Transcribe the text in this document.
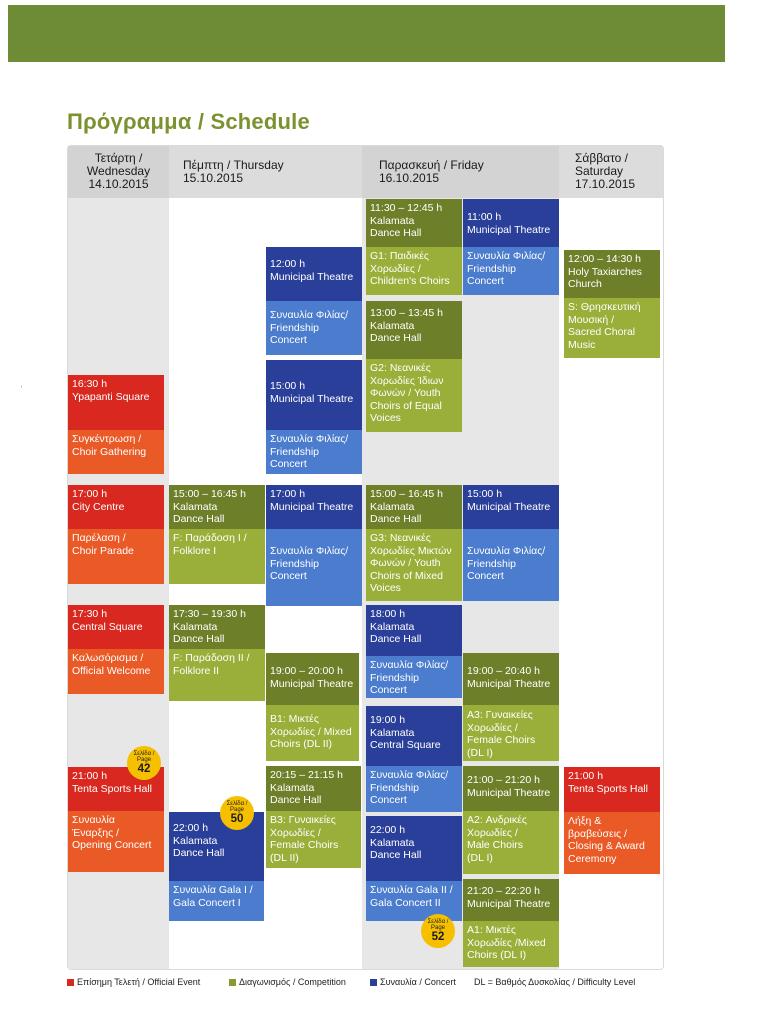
Πρόγραμμα / Schedule
˒
Τετάρτη /
Wednesday
14.10.2015
Πέμπτη / Thursday
15.10.2015
Παρασκευή / Friday
16.10.2015
Σάββατο /
Saturday
17.10.2015
16:30 h
Ypapanti Square
Συγκέντρωση /
Choir Gathering
17:00 h
City Centre
Παρέλαση /
Choir Parade
17:30 h
Central Square
Καλωσόρισμα /
Official Welcome
21:00 h
Tenta Sports Hall
Συναυλία
Έναρξης /
Opening Concert
15:00 – 16:45 h
Kalamata
Dance Hall
F: Παράδοση I /
Folklore I
17:30 – 19:30 h
Kalamata
Dance Hall
F: Παράδοση II /
Folklore II
22:00 h
Kalamata
Dance Hall
Συναυλία Gala I /
Gala Concert I
12:00 h
Municipal Theatre
Συναυλία Φιλίας/
Friendship
Concert
15:00 h
Municipal Theatre
Συναυλία Φιλίας/
Friendship
Concert
17:00 h
Municipal Theatre
Συναυλία Φιλίας/
Friendship
Concert
19:00 – 20:00 h
Municipal Theatre
B1: Μικτές
Χορωδίες / Mixed
Choirs (DL II)
20:15 – 21:15 h
Kalamata
Dance Hall
B3: Γυναικείες
Χορωδίες /
Female Choirs
(DL II)
11:30 – 12:45 h
Kalamata
Dance Hall
G1: Παιδικές
Χορωδίες /
Children's Choirs
13:00 – 13:45 h
Kalamata
Dance Hall
G2: Νεανικές
Χορωδίες Ίδιων
Φωνών / Youth
Choirs of Equal
Voices
15:00 – 16:45 h
Kalamata
Dance Hall
G3: Νεανικές
Χορωδίες Μικτών
Φωνών / Youth
Choirs of Mixed
Voices
18:00 h
Kalamata
Dance Hall
Συναυλία Φιλίας/
Friendship
Concert
19:00 h
Kalamata
Central Square
Συναυλία Φιλίας/
Friendship
Concert
22:00 h
Kalamata
Dance Hall
Συναυλία Gala II /
Gala Concert II
11:00 h
Municipal Theatre
Συναυλία Φιλίας/
Friendship
Concert
15:00 h
Municipal Theatre
Συναυλία Φιλίας/
Friendship
Concert
19:00 – 20:40 h
Municipal Theatre
A3: Γυναικείες
Χορωδίες /
Female Choirs
(DL I)
21:00 – 21:20 h
Municipal Theatre
A2: Ανδρικές
Χορωδίες /
Male Choirs
(DL I)
21:20 – 22:20 h
Municipal Theatre
A1: Μικτές
Χορωδίες /Mixed
Choirs (DL I)
12:00 – 14:30 h
Holy Taxiarches
Church
S: Θρησκευτική
Μουσική /
Sacred Choral
Music
21:00 h
Tenta Sports Hall
Λήξη &
βραβεύσεις /
Closing & Award
Ceremony
Σελίδα / Page
42
Σελίδα / Page
50
Σελίδα / Page
52
Επίσημη Τελετή / Official Event	Διαγωνισμός / Competition	Συναυλία / Concert DL = Βαθμός Δυσκολίας / Difficulty Level
